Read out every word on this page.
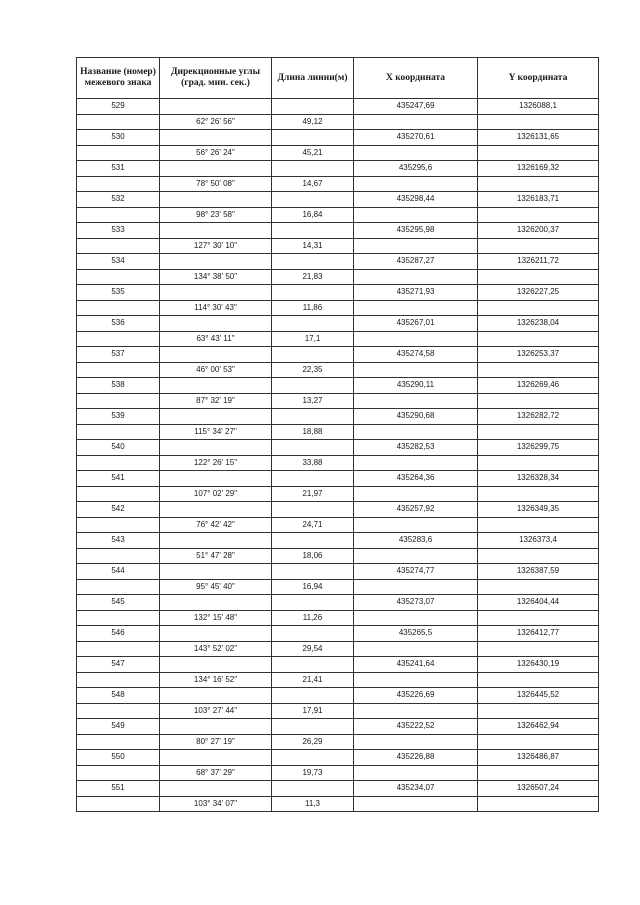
Название (номер) межевого знака	Дирекционные углы (град. мин. сек.)	Длина линии(м)	X координата	Y координата
529			435247,69	1326088,1
	62° 26' 56"	49,12		
530			435270,61	1326131,65
	56° 26' 24"	45,21		
531			435295,6	1326169,32
	78° 50' 08"	14,67		
532			435298,44	1326183,71
	98° 23' 58"	16,84		
533			435295,98	1326200,37
	127° 30' 10"	14,31		
534			435287,27	1326211,72
	134° 38' 50"	21,83		
535			435271,93	1326227,25
	114° 30' 43"	11,86		
536			435267,01	1326238,04
	63° 43' 11"	17,1		
537			435274,58	1326253,37
	46° 00' 53"	22,35		
538			435290,11	1326269,46
	87° 32' 19"	13,27		
539			435290,68	1326282,72
	115° 34' 27"	18,88		
540			435282,53	1326299,75
	122° 26' 15"	33,88		
541			435264,36	1326328,34
	107° 02' 29"	21,97		
542			435257,92	1326349,35
	76° 42' 42"	24,71		
543			435283,6	1326373,4
	51° 47' 28"	18,06		
544			435274,77	1326387,59
	95° 45' 40"	16,94		
545			435273,07	1326404,44
	132° 15' 48"	11,26		
546			435265,5	1326412,77
	143° 52' 02"	29,54		
547			435241,64	1326430,19
	134° 16' 52"	21,41		
548			435226,69	1326445,52
	103° 27' 44"	17,91		
549			435222,52	1326462,94
	80° 27' 19"	26,29		
550			435226,88	1326486,87
	68° 37' 29"	19,73		
551			435234,07	1326507,24
	103° 34' 07"	11,3		
